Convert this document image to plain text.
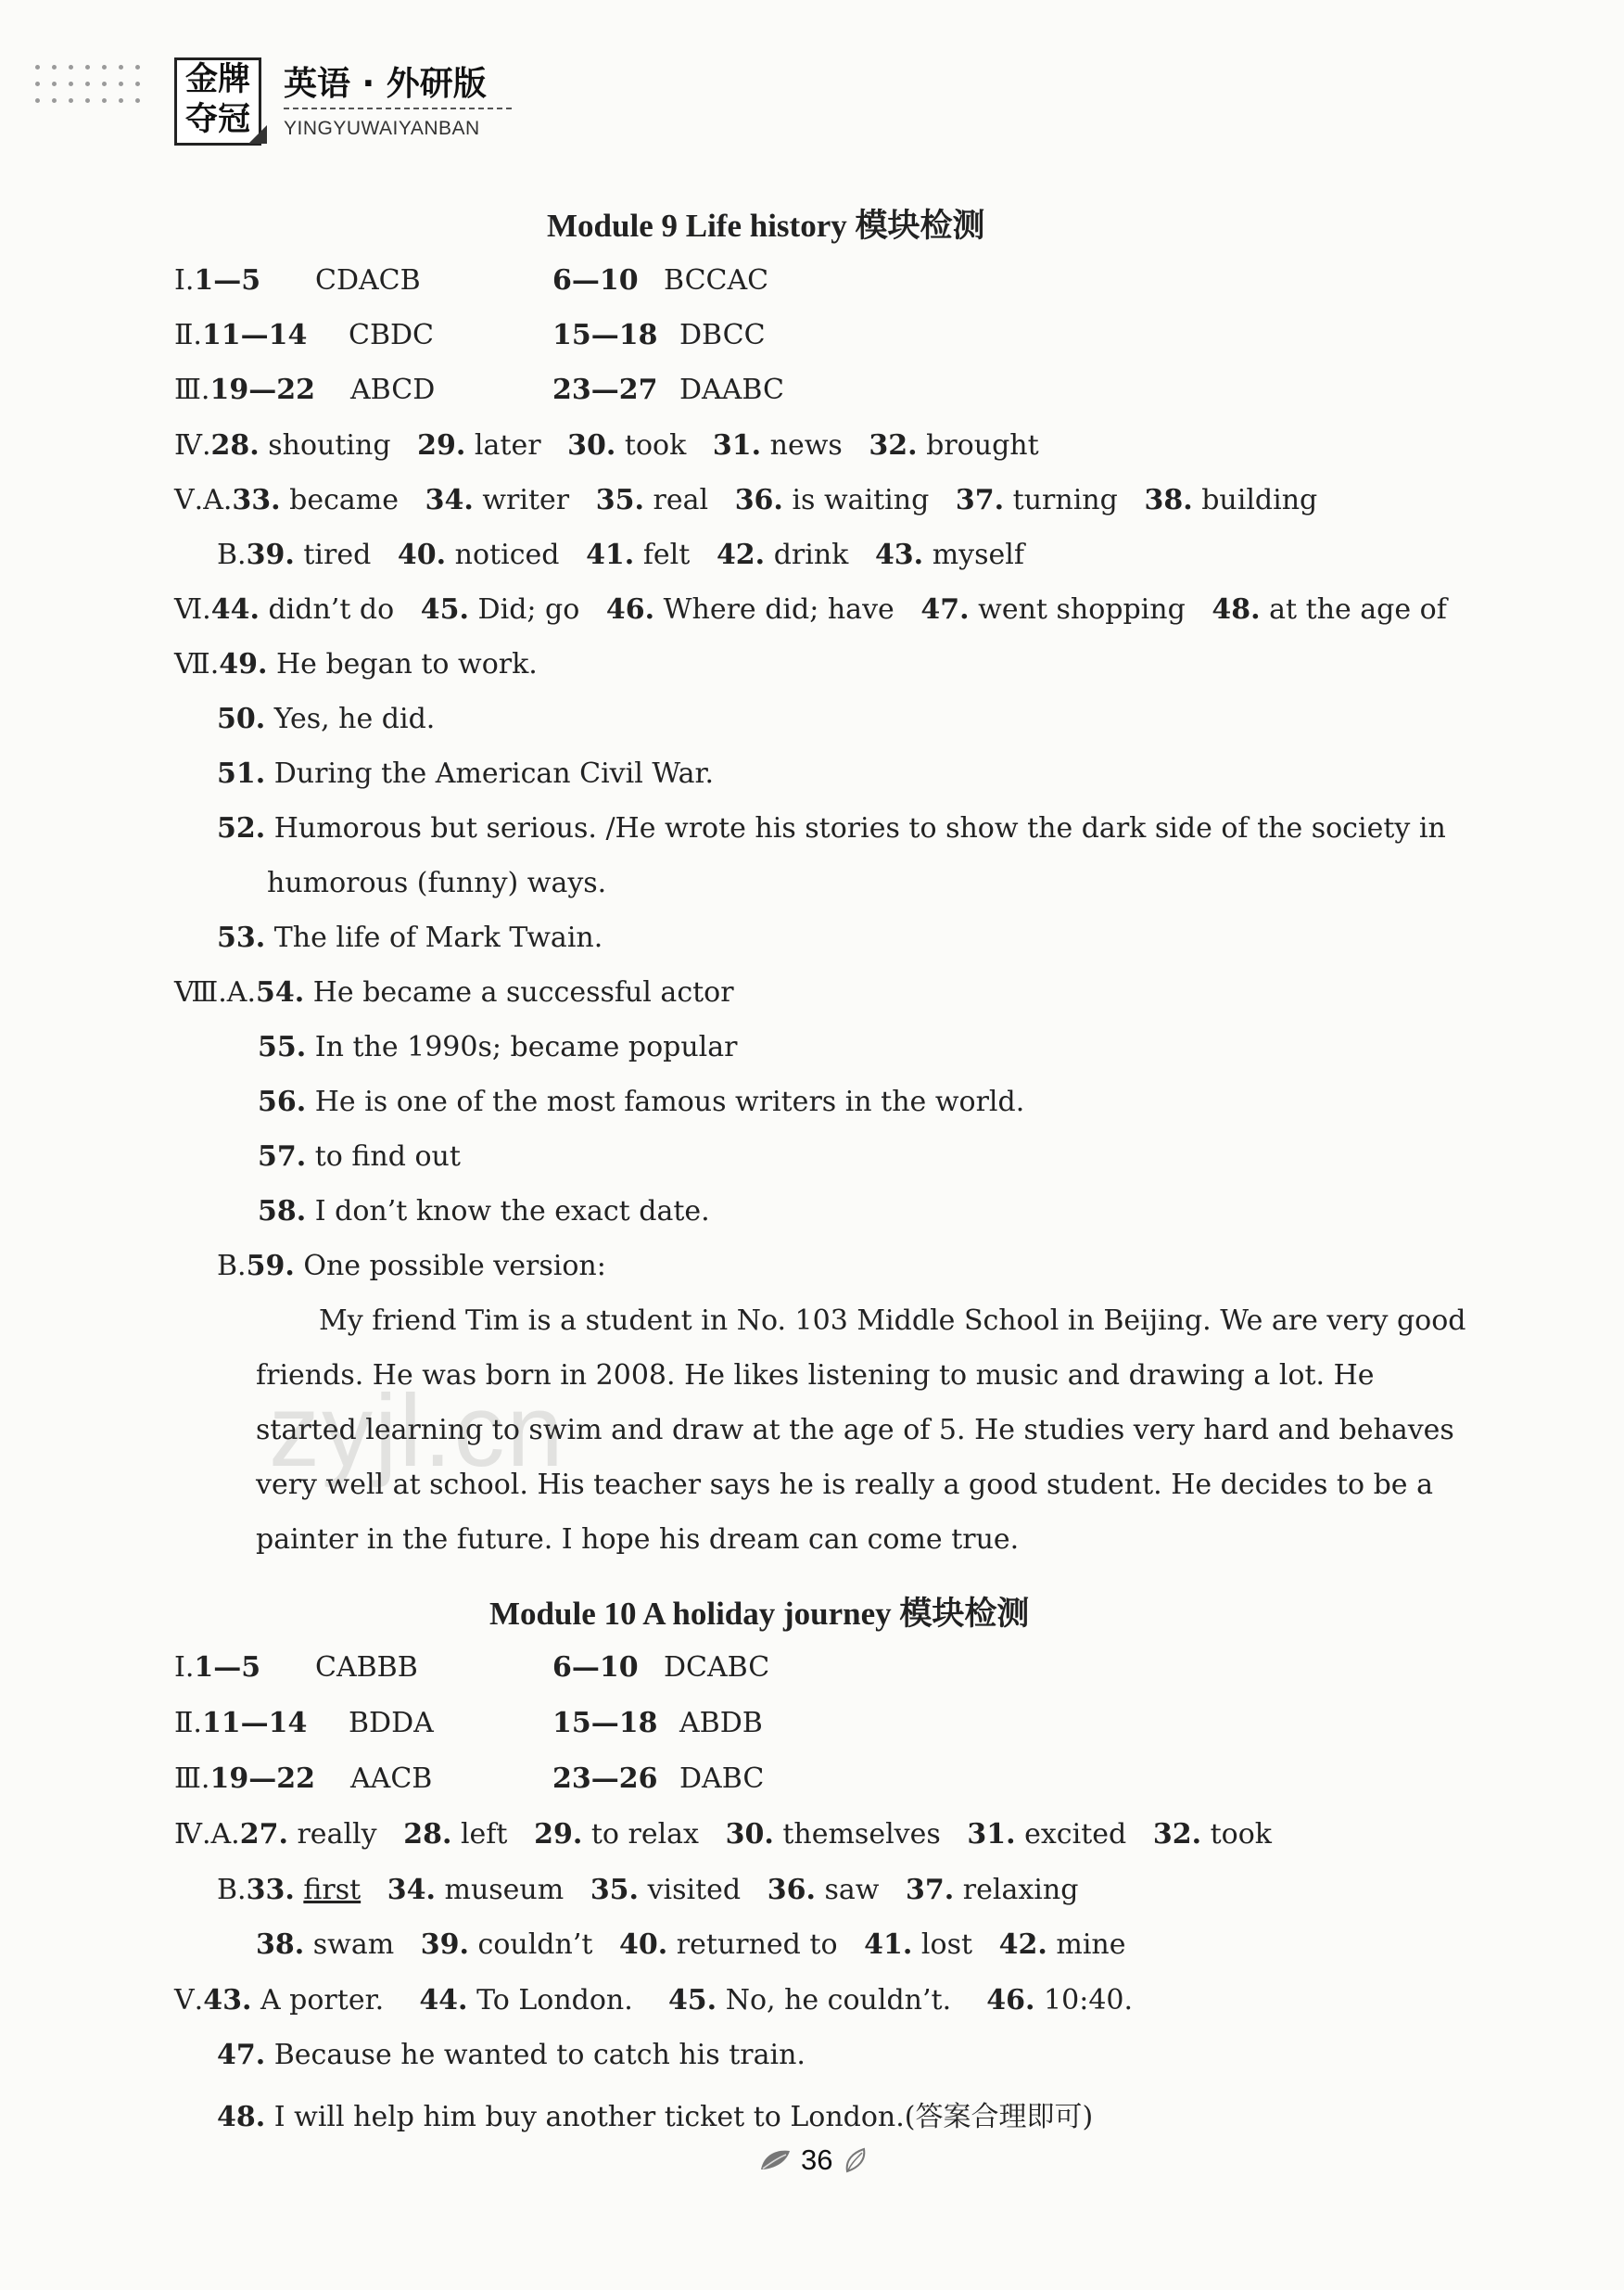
金牌
夺冠
英语 · 外研版
YINGYUWAIYANBAN
Module 9 Life history 模块检测
Ⅰ.1—5 CDACB	6—10 BCCAC
Ⅱ.11—14 CBDC	15—18 DBCC
Ⅲ.19—22 ABCD	23—27 DAABC
Ⅳ.28. shouting 29. later 30. took 31. news 32. brought
Ⅴ.A.33. became 34. writer 35. real 36. is waiting 37. turning 38. building
B.39. tired 40. noticed 41. felt 42. drink 43. myself
Ⅵ.44. didn’t do 45. Did; go 46. Where did; have 47. went shopping 48. at the age of
Ⅶ.49. He began to work.
50. Yes, he did.
51. During the American Civil War.
52. Humorous but serious. /He wrote his stories to show the dark side of the society in
humorous (funny) ways.
53. The life of Mark Twain.
Ⅷ.A.54. He became a successful actor
55. In the 1990s; became popular
56. He is one of the most famous writers in the world.
57. to find out
58. I don’t know the exact date.
B.59. One possible version:
My friend Tim is a student in No. 103 Middle School in Beijing. We are very good
friends. He was born in 2008. He likes listening to music and drawing a lot. He
started learning to swim and draw at the age of 5. He studies very hard and behaves
very well at school. His teacher says he is really a good student. He decides to be a
painter in the future. I hope his dream can come true.
Module 10 A holiday journey 模块检测
Ⅰ.1—5 CABBB	6—10 DCABC
Ⅱ.11—14 BDDA	15—18 ABDB
Ⅲ.19—22 AACB	23—26 DABC
Ⅳ.A.27. really 28. left 29. to relax 30. themselves 31. excited 32. took
B.33. first 34. museum 35. visited 36. saw 37. relaxing
38. swam 39. couldn’t 40. returned to 41. lost 42. mine
Ⅴ.43. A porter. 44. To London. 45. No, he couldn’t. 46. 10:40.
47. Because he wanted to catch his train.
48. I will help him buy another ticket to London.(答案合理即可)
zyjl.cn
36
